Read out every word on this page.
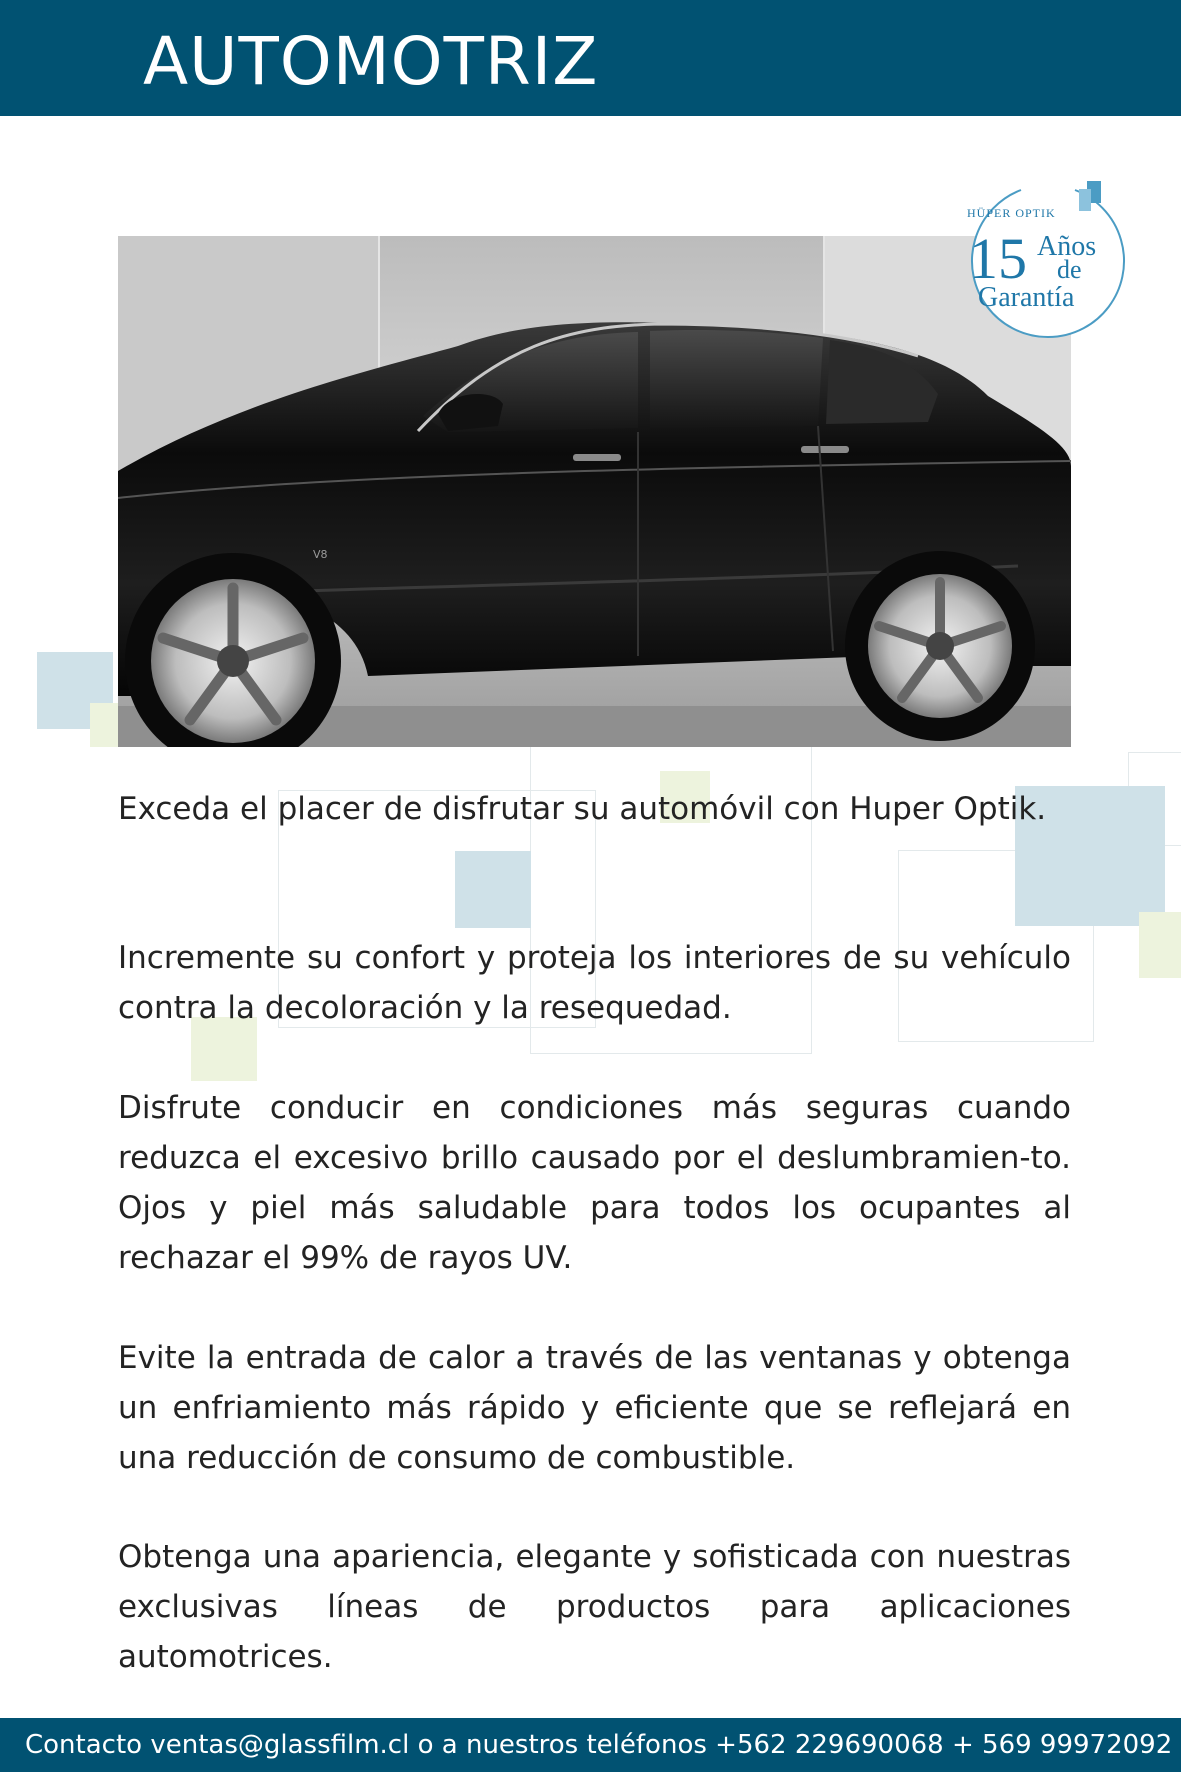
AUTOMOTRIZ
V8
HÜPER OPTIK
15 Años
de
Garantía
Exceda el placer de disfrutar su automóvil con Huper Optik.
Incremente su confort y proteja los interiores de su vehículo contra la decoloración y la resequedad.
Disfrute conducir en condiciones más seguras cuando reduzca el excesivo brillo causado por el deslumbramien-to. Ojos y piel más saludable para todos los ocupantes al rechazar el 99% de rayos UV.
Evite la entrada de calor a través de las ventanas y obtenga un enfriamiento más rápido y eficiente que se reflejará en una reducción de consumo de combustible.
Obtenga una apariencia, elegante y sofisticada con nuestras exclusivas líneas de productos para aplicaciones automotrices.
Contacto ventas@glassfilm.cl o a nuestros teléfonos +562 229690068 + 569 99972092
